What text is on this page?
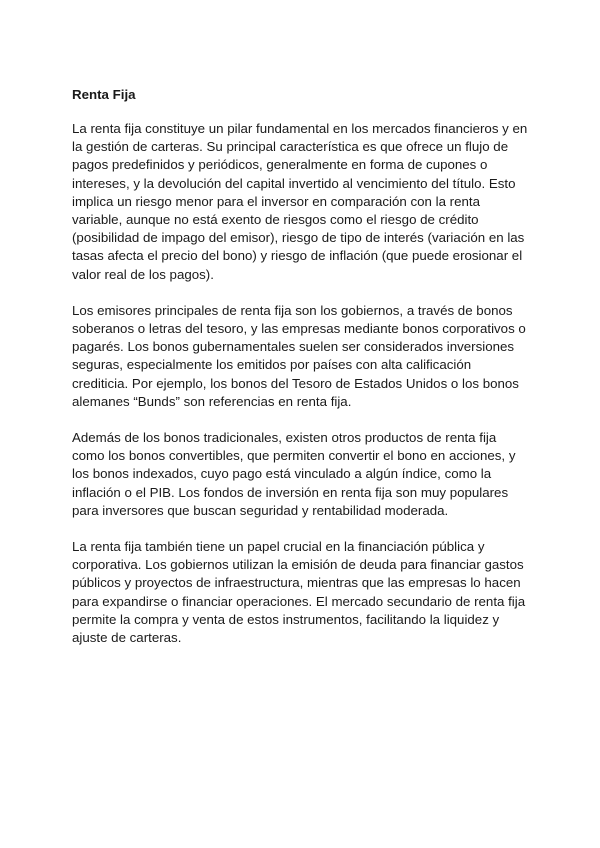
Renta Fija

La renta fija constituye un pilar fundamental en los mercados financieros y en la gestión de carteras. Su principal característica es que ofrece un flujo de pagos predefinidos y periódicos, generalmente en forma de cupones o intereses, y la devolución del capital invertido al vencimiento del título. Esto implica un riesgo menor para el inversor en comparación con la renta variable, aunque no está exento de riesgos como el riesgo de crédito (posibilidad de impago del emisor), riesgo de tipo de interés (variación en las tasas afecta el precio del bono) y riesgo de inflación (que puede erosionar el valor real de los pagos).

Los emisores principales de renta fija son los gobiernos, a través de bonos soberanos o letras del tesoro, y las empresas mediante bonos corporativos o pagarés. Los bonos gubernamentales suelen ser considerados inversiones seguras, especialmente los emitidos por países con alta calificación crediticia. Por ejemplo, los bonos del Tesoro de Estados Unidos o los bonos alemanes “Bunds” son referencias en renta fija.

Además de los bonos tradicionales, existen otros productos de renta fija como los bonos convertibles, que permiten convertir el bono en acciones, y los bonos indexados, cuyo pago está vinculado a algún índice, como la inflación o el PIB. Los fondos de inversión en renta fija son muy populares para inversores que buscan seguridad y rentabilidad moderada.

La renta fija también tiene un papel crucial en la financiación pública y corporativa. Los gobiernos utilizan la emisión de deuda para financiar gastos públicos y proyectos de infraestructura, mientras que las empresas lo hacen para expandirse o financiar operaciones. El mercado secundario de renta fija permite la compra y venta de estos instrumentos, facilitando la liquidez y ajuste de carteras.
